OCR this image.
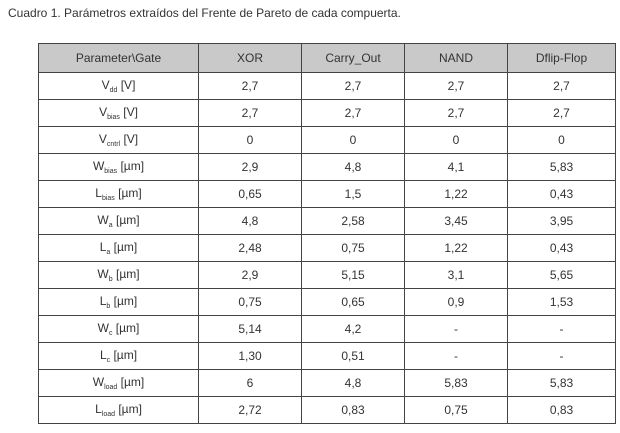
Cuadro 1. Parámetros extraídos del Frente de Pareto de cada compuerta.
Parameter\Gate	XOR	Carry_Out	NAND	Dflip-Flop
$V_{dd}$ [V]	2,7	2,7	2,7	2,7
$V_{bias}$ [V]	2,7	2,7	2,7	2,7
$V_{cntrl}$ [V]	0	0	0	0
$W_{bias}$ [µm]	2,9	4,8	4,1	5,83
$L_{bias}$ [µm]	0,65	1,5	1,22	0,43
$W_a$ [µm]	4,8	2,58	3,45	3,95
$L_a$ [µm]	2,48	0,75	1,22	0,43
$W_b$ [µm]	2,9	5,15	3,1	5,65
$L_b$ [µm]	0,75	0,65	0,9	1,53
$W_c$ [µm]	5,14	4,2	-	-
$L_c$ [µm]	1,30	0,51	-	-
$W_{load}$ [µm]	6	4,8	5,83	5,83
$L_{load}$ [µm]	2,72	0,83	0,75	0,83
